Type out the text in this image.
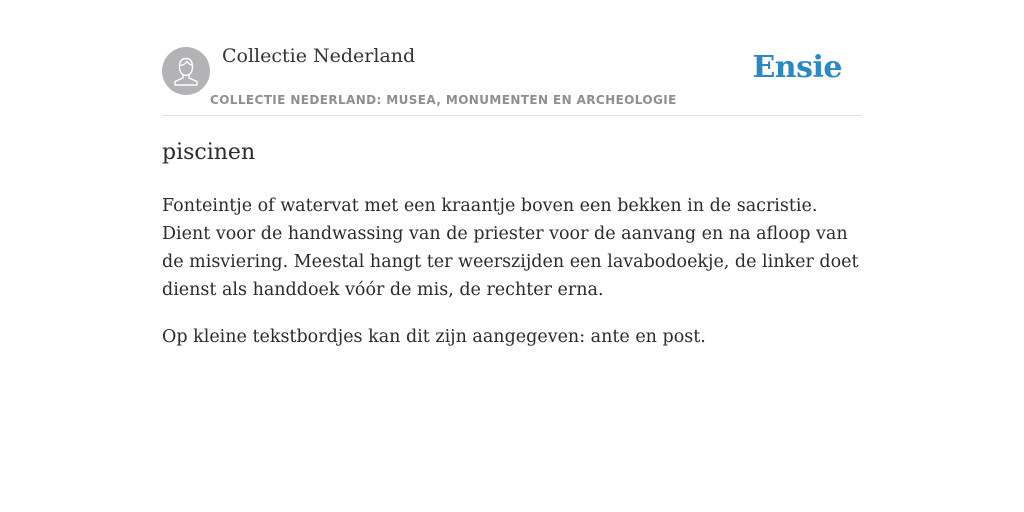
Collectie Nederland
COLLECTIE NEDERLAND: MUSEA, MONUMENTEN EN ARCHEOLOGIE
Ensie
piscinen

Fonteintje of watervat met een kraantje boven een bekken in de sacristie. Dient voor de handwassing van de priester voor de aanvang en na afloop van de misviering. Meestal hangt ter weerszijden een lavabodoekje, de linker doet dienst als handdoek vóór de mis, de rechter erna.

Op kleine tekstbordjes kan dit zijn aangegeven: ante en post.
